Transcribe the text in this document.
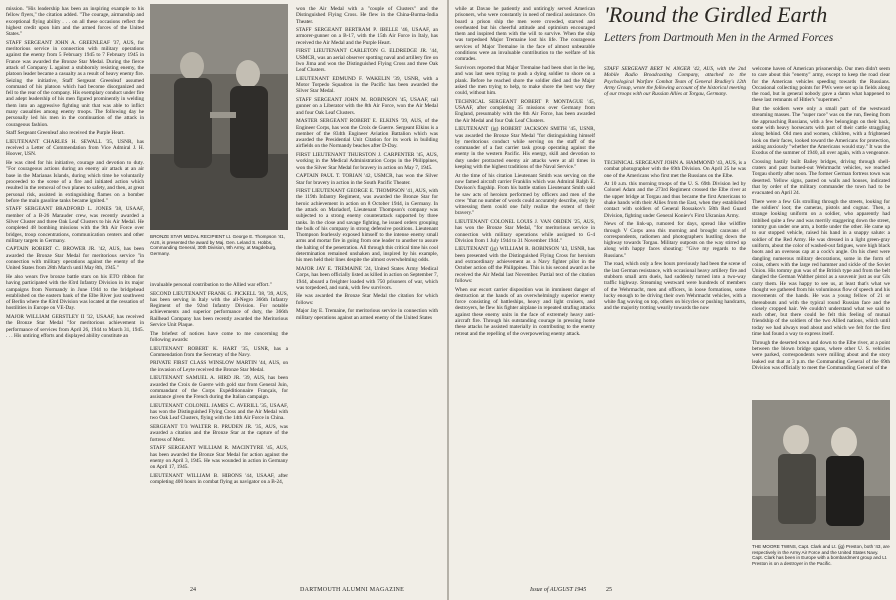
mission. "His leadership has been an inspiring example to his fellow flyers," the citation added. "The courage, airmanship and exceptional flying ability . . . on all these occasions reflect the highest credit upon him and the armed forces of the United States."

STAFF SERGEANT JOHN A. GREENLEAF '37, AUS, for meritorious service in connection with military operations against the enemy from 5 February 1945 to 7 February 1945 in France was awarded the Bronze Star Medal. During the fierce attack of Company L against a stubbornly resisting enemy, the platoon leader became a casualty as a result of heavy enemy fire. Seizing the initiative, Staff Sergeant Greenleaf assumed command of his platoon which had become disorganized and fell to the rear of the company. His exemplary conduct under fire and adept leadership of his men figured prominently in welding them into an aggressive fighting unit that was able to inflict many casualties among enemy troops. The following day he personally led his men in the continuation of the attack in courageous fashion.

Staff Sergeant Greenleaf also received the Purple Heart.

LIEUTENANT CHARLES H. SEWALL '35, USNR, has received a Letter of Commendation from Vice Admiral J. H. Hoover, USN.

He was cited for his initiative, courage and devotion to duty. "For courageous actions during an enemy air attack at an air base in the Marianas Islands, during which time he voluntarily proceeded to the scene of a fire and initiated action which resulted in the removal of two planes to safety, and then, at great personal risk, assisted in extinguishing flames on a bomber before the main gasoline tanks became ignited."

STAFF SERGEANT BRADFORD L. JONES '38, USAAF, member of a B-26 Marauder crew, was recently awarded a Silver Cluster and three Oak Leaf Clusters to his Air Medal. He completed 48 bombing missions with the 9th Air Force over bridges, troop concentrations, communication centers and other military targets in Germany.

CAPTAIN ROBERT C. BROWER JR. '42, AUS, has been awarded the Bronze Star Medal for meritorious service "in connection with military operations against the enemy of the United States from 28th March until May 8th, 1945."

He also wears five bronze battle stars on his ETO ribbon for having participated with the 83rd Infantry Division in its major campaigns from Normandy in June 1944 to the bridgehead established on the eastern bank of the Elbe River just southwest of Berlin where the 83rd Division was located at the cessation of hostilities in Europe on VE-Day.

MAJOR WILLIAM GERSTLEY II '32, USAAF, has received the Bronze Star Medal "for meritorious achievement in performance of services from April 26, 1944 to March 31, 1945. . . . His untiring efforts and displayed ability constitute an

BRONZE STAR MEDAL RECIPIENT Lt. George E. Thompson '41, AUS, is presented the award by Maj. Gen. Leland S. Hobbs, Commanding General, 30th Division, 9th Army, at Magdeburg, Germany.

invaluable personal contribution to the Allied war effort."

SECOND LIEUTENANT FRANK G. PICKELL '38, '39, AUS, has been serving in Italy with the all-Negro 366th Infantry Regiment of the 92nd Infantry Division. For notable achievements and superior performance of duty, the 366th Railhead Company has been recently awarded the Meritorious Service Unit Plaque.

The briefest of notices have come to me concerning the following awards:

LIEUTENANT ROBERT K. HART '35, USNR, has a Commendation from the Secretary of the Navy.

PRIVATE FIRST CLASS WINSLOW MARTIN '44, AUS, on the invasion of Leyte received the Bronze Star Medal.

LIEUTENANT SAMUEL A. HIRD JR. '39, AUS, has been awarded the Croix de Guerre with gold star from General Juin, commandant of the Corps Expéditionnaire Français, for assistance given the French during the Italian campaign.

LIEUTENANT COLONEL JAMES C. AVERILL '35, USAAF, has won the Distinguished Flying Cross and the Air Medal with two Oak Leaf Clusters, flying with the 14th Air Force in China.

SERGEANT T/3 WALTER R. PRUDEN JR. '35, AUS, was awarded a citation and the Bronze Star at the capture of the fortress of Metz.

STAFF SERGEANT WILLIAM R. MACINTYRE '45, AUS, has been awarded the Bronze Star Medal for action against the enemy on April 3, 1945. He was wounded in action in Germany on April 17, 1945.

LIEUTENANT WILLIAM B. HIBONS '44, USAAF, after completing 400 hours in combat flying as navigator on a B-24,

won the Air Medal with a "couple of Clusters" and the Distinguished Flying Cross. He flew in the China-Burma-India Theater.

STAFF SERGEANT BERTRAM P. IBELLE '46, USAAF, an armorer-gunner on a B-17, with the 15th Air Force in Italy, has received the Air Medal and the Purple Heart.

FIRST LIEUTENANT CARLETON G. ELDREDGE JR. '44, USMCR, was an aerial observer spotting naval and artillery fire on Iwo Jima and won the Distinguished Flying Cross and three Oak Leaf Clusters.

LIEUTENANT EDMUND F. WAKELIN '39, USNR, with a Motor Torpedo Squadron in the Pacific has been awarded the Silver Star Medal.

STAFF SERGEANT JOHN M. ROBINSON '45, USAAF, tail gunner on a Liberator with the 8th Air Force, won the Air Medal and four Oak Leaf Clusters.

MASTER SERGEANT ROBERT E. ELKINS '39, AUS, of the Engineer Corps, has won the Croix de Guerre. Sergeant Elkins is a member of the 834th Engineer Aviation Battalion which was awarded the Presidential Unit Citation for its work in building airfields on the Normandy beaches after D-Day.

FIRST LIEUTENANT THURSTON J. CARPENTER '45, AUS, working in the Medical Administration Corps in the Philippines, won the Silver Star Medal for bravery in action on May 7, 1945.

CAPTAIN PAUL T. TORIAN '42, USMCR, has won the Silver Star for bravery in action in the South Pacific Theater.

FIRST LIEUTENANT GEORGE E. THOMPSON '41, AUS, with the 119th Infantry Regiment, was awarded the Bronze Star for heroic achievement in action on 8 October 1944, in Germany. In the attack on Mariadorf, Lieutenant Thompson's company was subjected to a strong enemy counterattack supported by three tanks. In the close and savage fighting, he issued orders grouping the bulk of his company in strong defensive positions. Lieutenant Thompson fearlessly exposed himself to the intense enemy small arms and mortar fire in going from one leader to another to assure the halting of the penetration. All through this critical time his cool determination remained unshaken and, inspired by his example, his men held their lines despite the almost overwhelming odds.

MAJOR JAY E. TREMAINE '24, United States Army Medical Corps, has been officially listed as killed in action on September 7, 1944, aboard a freighter loaded with 750 prisoners of war, which was torpedoed, and sunk, with few survivors.

He was awarded the Bronze Star Medal the citation for which follows:

Major Jay E. Tremaine, for meritorious service in connection with military operations against an armed enemy of the United States

24	DARTMOUTH ALUMNI MAGAZINE

while at Davao he patiently and untiringly served American prisoners, who were constantly in need of medical assistance. On board a prison ship the men were crowded, starved and overheated but his cheerful attitude and optimism encouraged them and inspired them with the will to survive. When the ship was torpedoed Major Tremaine lost his life. The courageous services of Major Tremaine in the face of almost unbearable conditions were an invaluable contribution to the welfare of his comrades.

Survivors reported that Major Tremaine had been shot in the leg, and was last seen trying to push a dying soldier to shore on a plank. Before he reached shore the soldier died and the Major asked the men trying to help, to make shore the best way they could, without him.

TECHNICAL SERGEANT ROBERT P. MONTAGUE '45, USAAF, after completing 35 missions over Germany from England, presumably with the 8th Air Force, has been awarded the Air Medal and four Oak Leaf Clusters.

LIEUTENANT (jg) ROBERT JACKSON SMITH '45, USNR, was awarded the Bronze Star Medal "for distinguishing himself by meritorious conduct while serving on the staff of the commander of a fast carrier task group operating against the enemy in the western Pacific. His energy, skill and devotion to duty under protracted enemy air attacks were at all times in keeping with the highest traditions of the Naval Service."

At the time of his citation Lieutenant Smith was serving on the now famed aircraft carrier Franklin which was Admiral Ralph E. Davison's flagship. From his battle station Lieutenant Smith said he saw acts of heroism performed by officers and men of the crew "that no number of words could accurately describe, only by witnessing them could one fully realize the extent of their bravery."

LIEUTENANT COLONEL LOUIS J. VAN ORDEN '25, AUS, has won the Bronze Star Medal, "for meritorious service in connection with military operations while assigned to G-4 Division from 1 July 1944 to 31 November 1944."

LIEUTENANT (jg) WILLIAM R. ROBINSON '43, USNR, has been presented with the Distinguished Flying Cross for heroism and extraordinary achievement as a Navy fighter pilot in the October action off the Philippines. This is his second award as he received the Air Medal last November. Partial text of the citation follows:

When our escort carrier disposition was in imminent danger of destruction at the hands of an overwhelmingly superior enemy force consisting of battleships, heavy and light cruisers, and destroyers, he flew his fighter airplane in repeated strafing attacks against these enemy units in the face of extremely heavy anti-aircraft fire. Through his outstanding courage in pressing home these attacks he assisted materially in contributing to the enemy retreat and the repelling of the overpowering enemy attack.

'Round the Girdled Earth
Letters from Dartmouth Men in the Armed Forces

STAFF SERGEANT BERT W. ANGER '42, AUS, with the 2nd Mobile Radio Broadcasting Company, attached to the Psychological Warfare Combat Team of General Bradley's 12th Army Group, wrote the following account of the historical meeting of our troops with our Russian Allies at Torgau, Germany.

TECHNICAL SERGEANT JOHN A. HAMMOND '43, AUS, is a combat photographer with the 69th Division. On April 25 he was one of the Americans who first met the Russians on the Elbe.

At 10 a.m. this morning troops of the U. S. 69th Division led by Colonel Adam and the 273rd Regiment crossed the Elbe river at the upper bridge at Torgau and thus became the first Americans to shake hands with their Allies from the East, when they established contact with soldiers of General Rossakov's 58th Red Guard Division, fighting under General Koniev's First Ukranian Army.

News of the link-up, rumored for days, spread like wildfire through V Corps area this morning and brought caravans of correspondents, radiomen and photographers hustling down the highway towards Torgau. Military outposts on the way stirred up along with happy faces shouting: "Give my regards to the Russians."

The road, which only a few hours previously had been the scene of the last German resistance, with occasional heavy artillery fire and stubborn small arm duels, had suddenly turned into a two-way traffic highway. Streaming westward were hundreds of members of the Wehrmacht, men and officers, in loose formations, some lucky enough to be driving their own Wehrmacht vehicles, with a white flag waving on top, others on bicycles or pushing handcarts, and the majority trotting wearily towards the now

welcome haven of American prisonership. Our men didn't seem to care about this "enemy" army, except to keep the road clear for the American vehicles speeding towards the Russians. Occasional collecting points for PWs were set up in fields along the road, but in general nobody gave a damn what happened to these last remnants of Hitler's "supermen."

But the soldiers were only a small part of the westward streaming masses. The "super race" was on the run, fleeing from the approaching Russians, with a few belongings on their back, some with heavy horsecarts with part of their cattle straggling along behind. Old men and women, children, with a frightened look on their faces, looked toward the Americans for protection, asking anxiously "whether the Americans would stay." It was the Exodus of the summer of 1940, all over again, with a vengeance.

Crossing hastily built Bailey bridges, driving through shell-craters and past burned-out Wehrmacht vehicles, we reached Torgau shortly after noon. The former German fortress town was deserted. Yellow signs, pasted on walls and houses, indicated that by order of the military commander the town had to be evacuated on April 24.

There were a few GIs strolling through the streets, looking for the soldiers' loot; the cameras, pistols and cognac. Then, a strange looking uniform on a soldier, who apparently had imbibed quite a few and was merrily staggering down the street, tommy gun under one arm, a bottle under the other. He came up to our stopped vehicle, raised his hand in a snappy salute: a soldier of the Red Army. He was dressed in a light green-gray uniform, about the color of washed-out fatigues, wore high black boots and an overseas cap at a cock's angle. On his chest were dangling numerous military decorations, some in the form of coins, others with the large red hammer and sickle of the Soviet Union. His tommy gun was of the British type and from the belt dangled the German Walther pistol as a souvenir just as our GIs carry them. He was happy to see us, at least that's what we thought we gathered from his voluminous flow of speech and his movements of the hands. He was a young fellow of 21 or thereabouts and with the typical round Russian face and the closely cropped hair. We couldn't understand what we said to each other, but there could be felt this feeling of mutual friendship of the soldiers of the two Allied nations, which until today we had always read about and which we felt for the first time had found a way to express itself.

Through the deserted town and down to the Elbe river, at a point between the blown bridge spans, where other U. S. vehicles were parked, correspondents were milling about and the story leaked out that at 3 p.m. the Commanding General of the 69th Division was officially to meet the Commanding General of the

THE MOORE TWINS, Capt. Clark and Lt. (jg) Preston, both '43, are respectively in the Army Air Force and the United States Navy. Capt. Clark has been in Europe with a bombardment group and Lt. Preston is on a destroyer in the Pacific.
Issue of AUGUST 1945	25
